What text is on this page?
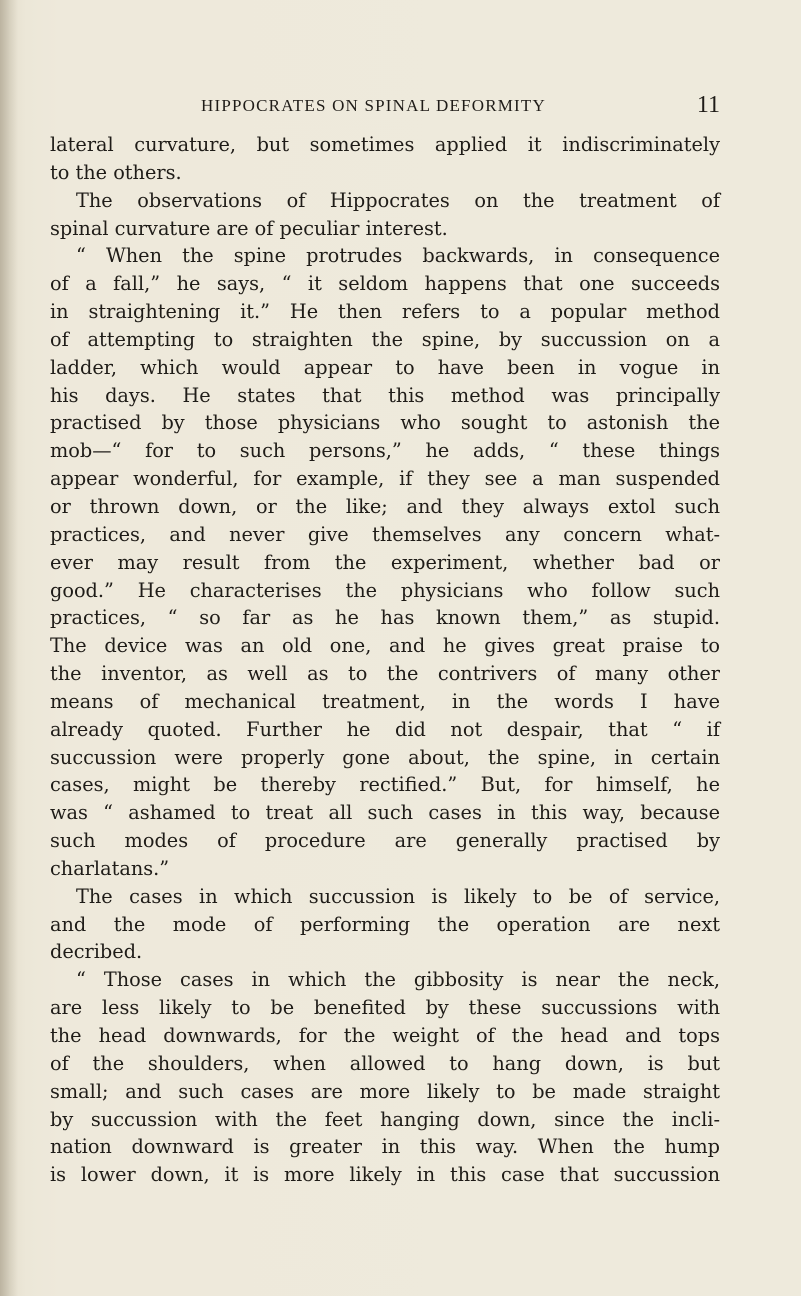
HIPPOCRATES ON SPINAL DEFORMITY	11
lateral curvature, but sometimes applied it indiscriminately
to the others.
The observations of Hippocrates on the treatment of
spinal curvature are of peculiar interest.
“ When the spine protrudes backwards, in consequence
of a fall,” he says, “ it seldom happens that one succeeds
in straightening it.” He then refers to a popular method
of attempting to straighten the spine, by succussion on a
ladder, which would appear to have been in vogue in
his days. He states that this method was principally
practised by those physicians who sought to astonish the
mob—“ for to such persons,” he adds, “ these things
appear wonderful, for example, if they see a man suspended
or thrown down, or the like; and they always extol such
practices, and never give themselves any concern what-
ever may result from the experiment, whether bad or
good.” He characterises the physicians who follow such
practices, “ so far as he has known them,” as stupid.
The device was an old one, and he gives great praise to
the inventor, as well as to the contrivers of many other
means of mechanical treatment, in the words I have
already quoted. Further he did not despair, that “ if
succussion were properly gone about, the spine, in certain
cases, might be thereby rectified.” But, for himself, he
was “ ashamed to treat all such cases in this way, because
such modes of procedure are generally practised by
charlatans.”
The cases in which succussion is likely to be of service,
and the mode of performing the operation are next
decribed.
“ Those cases in which the gibbosity is near the neck,
are less likely to be benefited by these succussions with
the head downwards, for the weight of the head and tops
of the shoulders, when allowed to hang down, is but
small; and such cases are more likely to be made straight
by succussion with the feet hanging down, since the incli-
nation downward is greater in this way. When the hump
is lower down, it is more likely in this case that succussion
